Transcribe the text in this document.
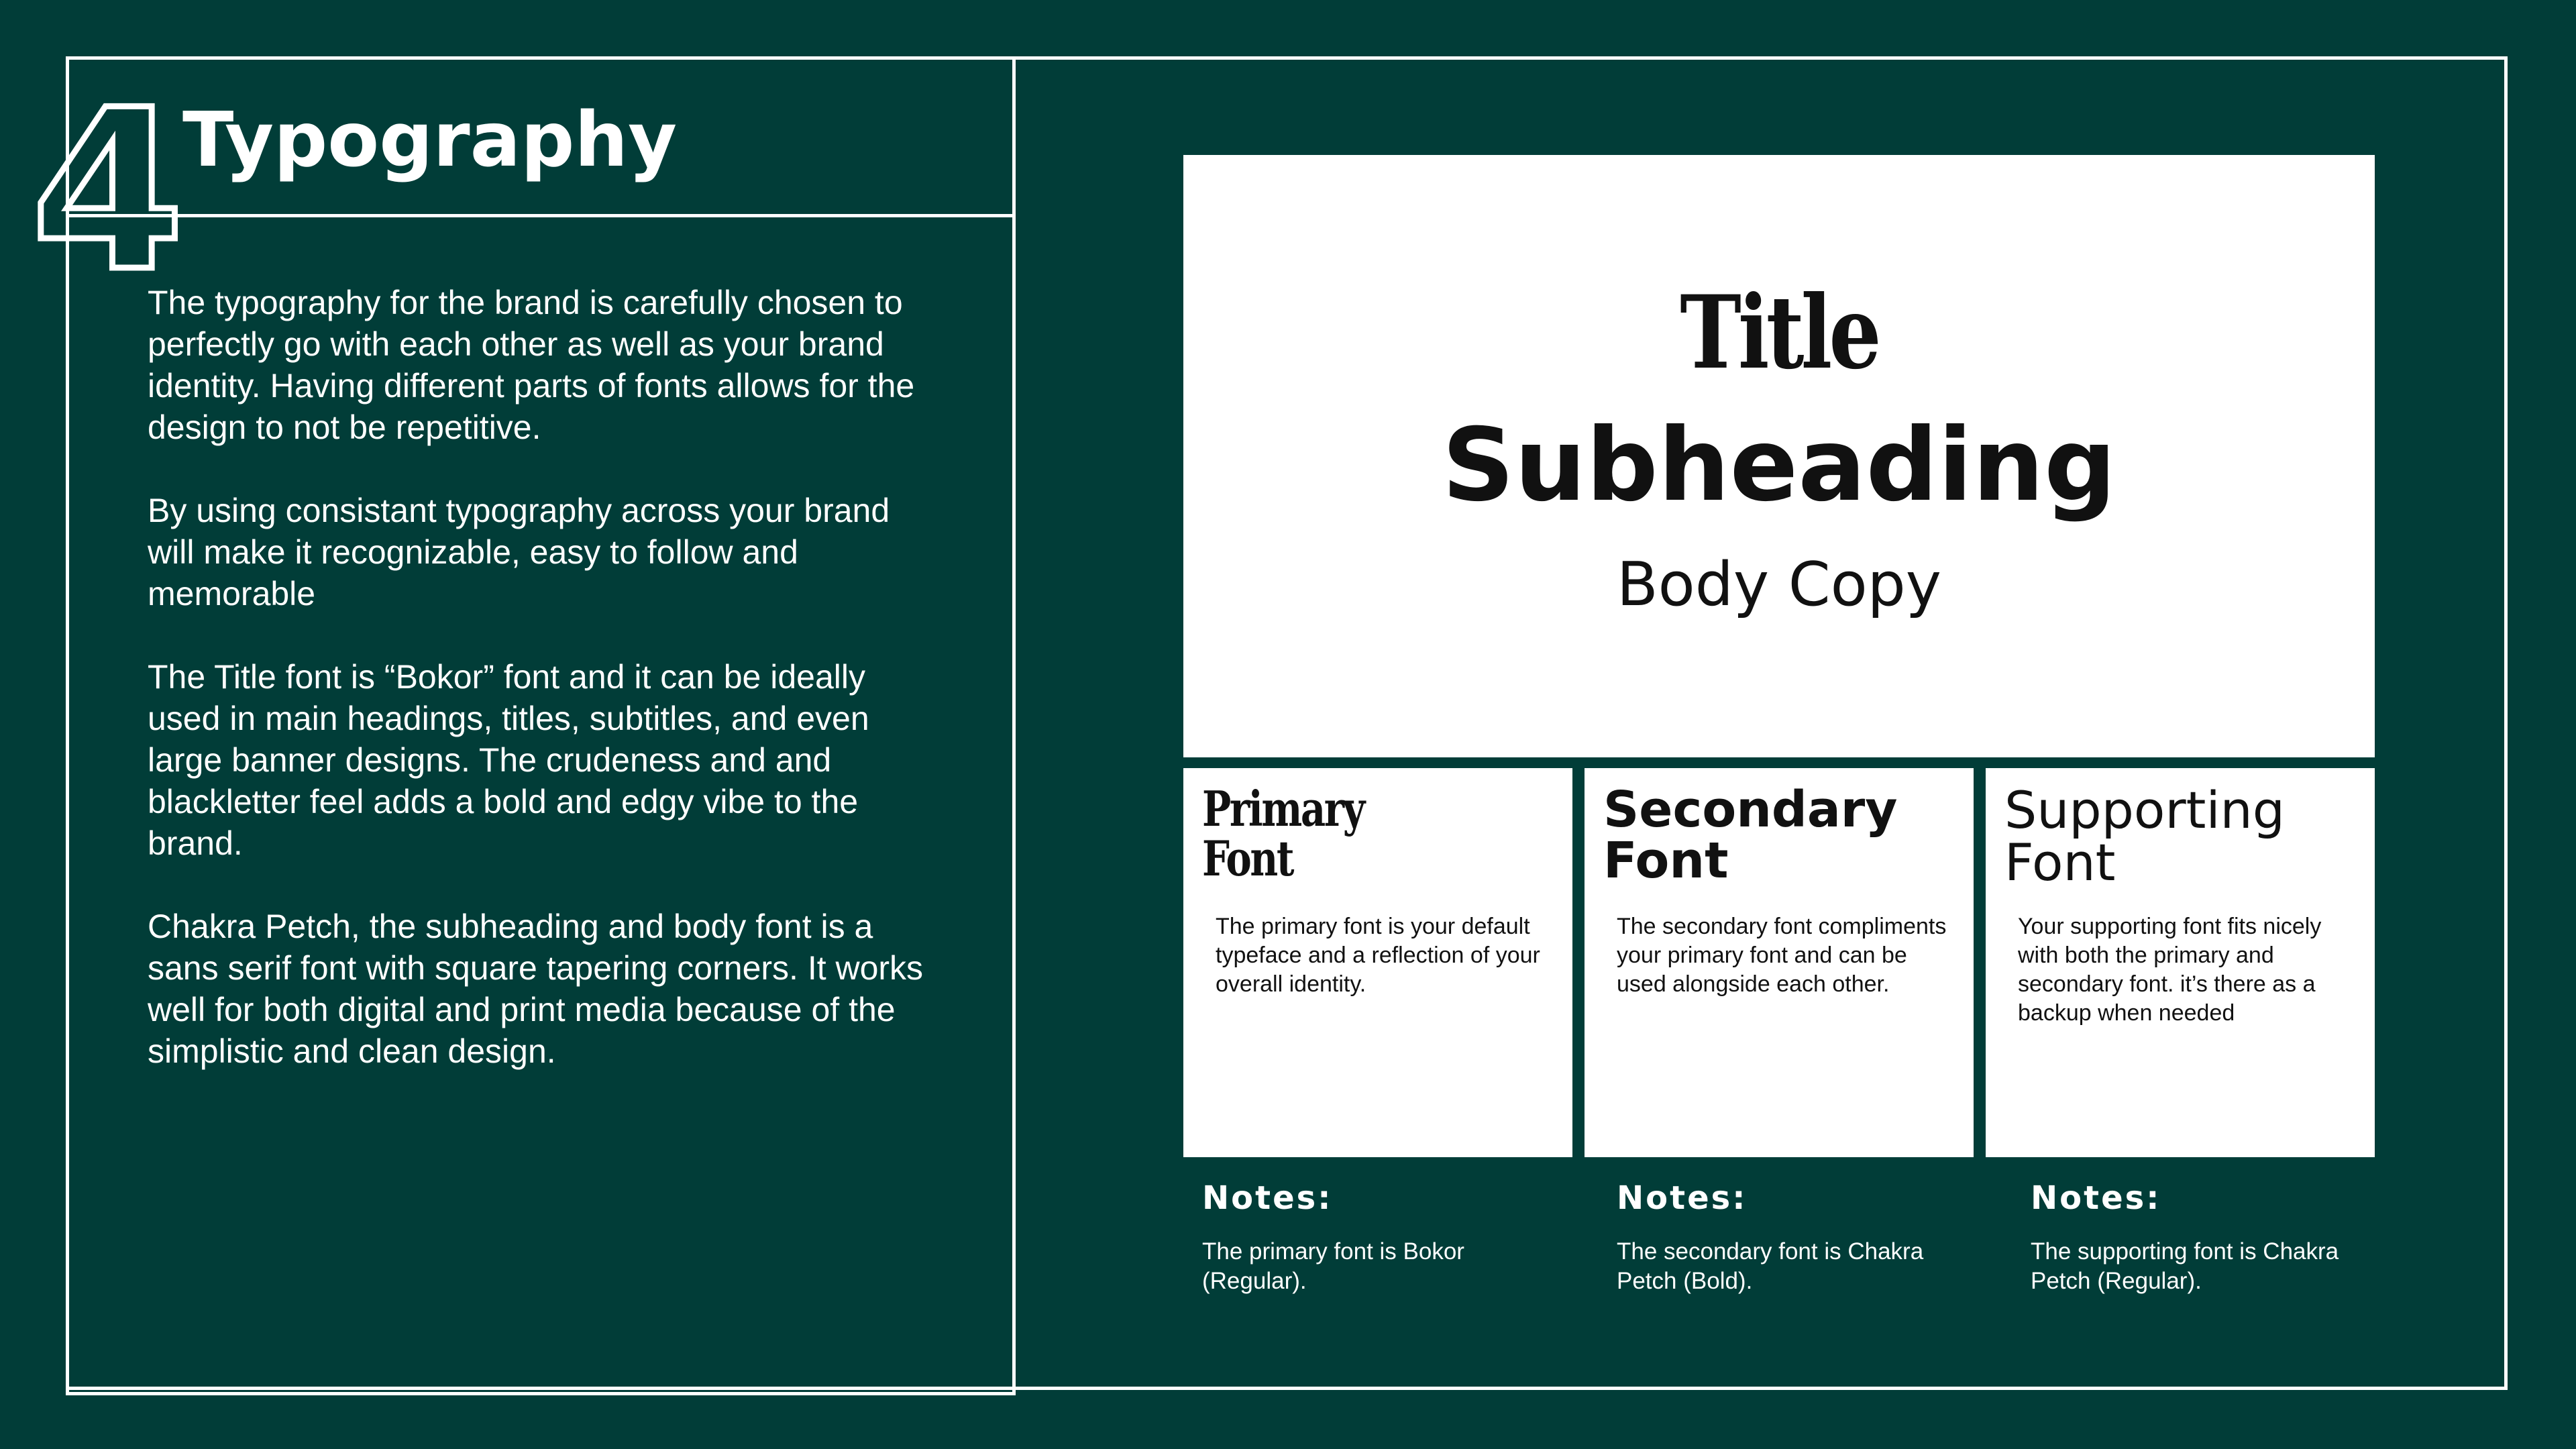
4 Typography

The typography for the brand is carefully chosen to perfectly go with each other as well as your brand identity. Having different parts of fonts allows for the design to not be repetitive.

By using consistant typography across your brand will make it recognizable, easy to follow and memorable

The Title font is “Bokor” font and it can be ideally used in main headings, titles, subtitles, and even large banner designs. The crudeness and and blackletter feel adds a bold and edgy vibe to the brand.

Chakra Petch, the subheading and body font is a sans serif font with square tapering corners. It works well for both digital and print media because of the simplistic and clean design.

Title
Subheading
Body Copy
Primary
Font
The primary font is your default typeface and a reflection of your overall identity.
Secondary
Font
The secondary font compliments your primary font and can be used alongside each other.
Supporting
Font
Your supporting font fits nicely with both the primary and secondary font. it’s there as a backup when needed
Notes:
The primary font is Bokor (Regular).
Notes:
The secondary font is Chakra Petch (Bold).
Notes:
The supporting font is Chakra Petch (Regular).
